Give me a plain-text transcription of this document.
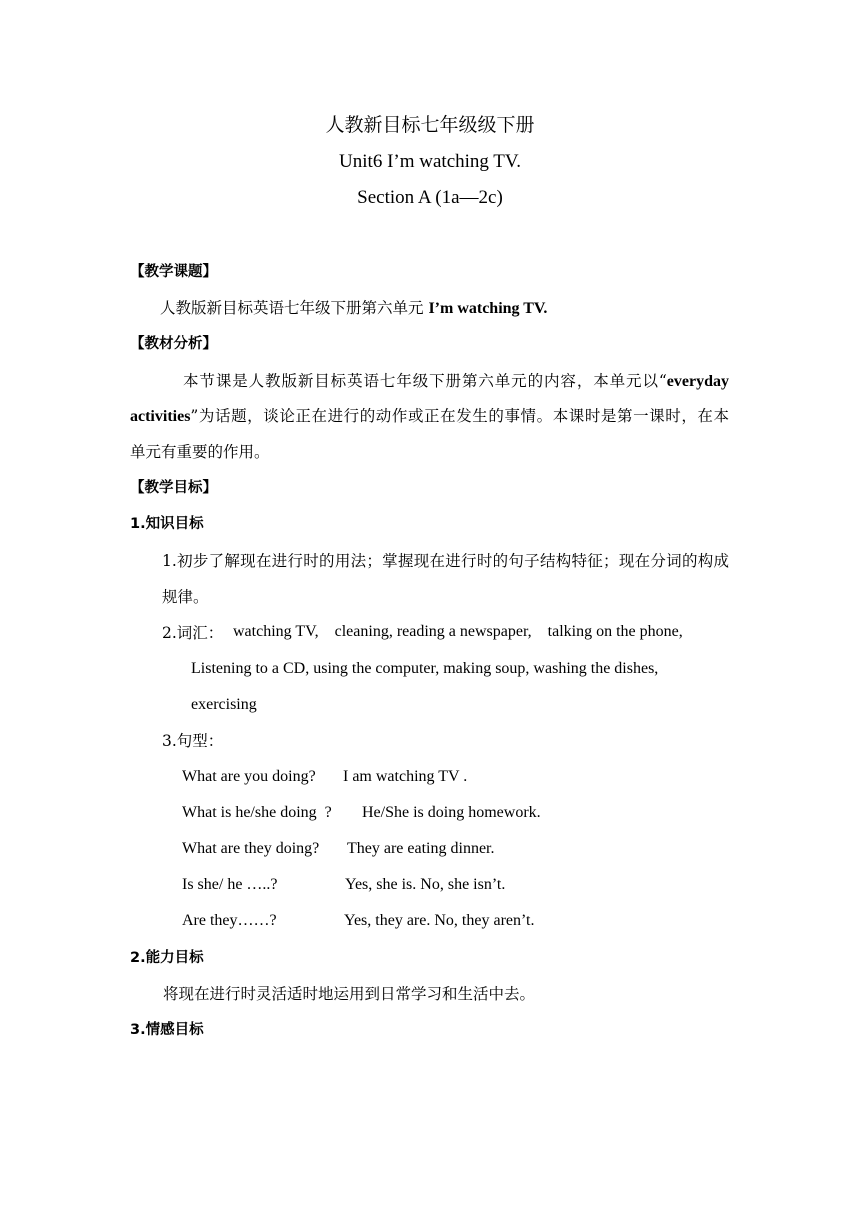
人教新目标七年级级下册
Unit6 I’m watching TV.
Section A (1a—2c)
【教学课题】
人教版新目标英语七年级下册第六单元 I’m watching TV.
【教材分析】
本节课是人教版新目标英语七年级下册第六单元的内容，本单元以“everyday
activities”为话题，谈论正在进行的动作或正在发生的事情。本课时是第一课时，在本
单元有重要的作用。
【教学目标】
1.知识目标
1.初步了解现在进行时的用法；掌握现在进行时的句子结构特征；现在分词的构成
规律。
2.词汇： watching TV,    cleaning, reading a newspaper,    talking on the phone,
Listening to a CD, using the computer, making soup, washing the dishes,
exercising
3.句型：
What are you doing? I am watching TV .
What is he/she doing  ? He/She is doing homework.
What are they doing? They are eating dinner.
Is she/ he …..?	Yes, she is. No, she isn’t.
Are they……?	Yes, they are. No, they aren’t.
2.能力目标
将现在进行时灵活适时地运用到日常学习和生活中去。
3.情感目标
